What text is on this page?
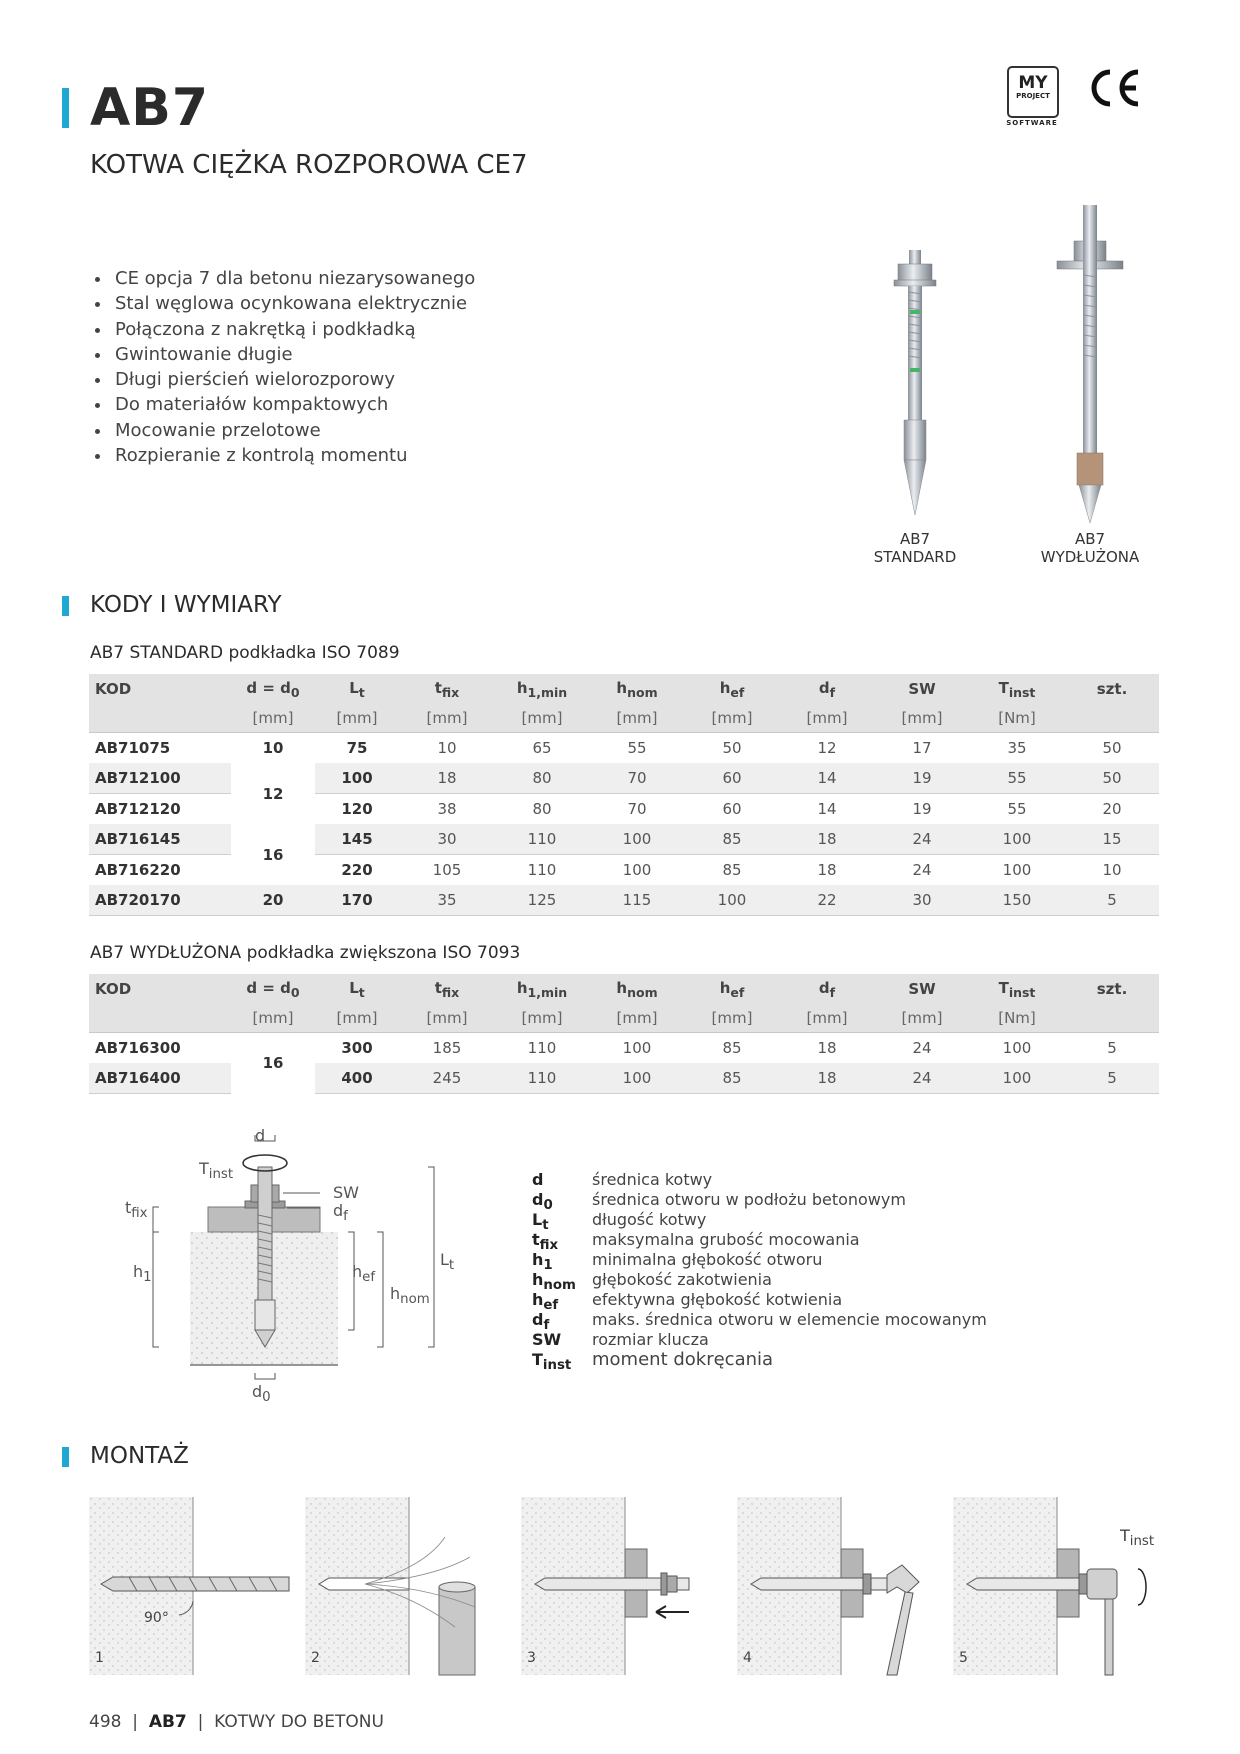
AB7
KOTWA CIĘŻKA ROZPOROWA CE7
MY
PROJECT
SOFTWARE
• CE opcja 7 dla betonu niezarysowanego
• Stal węglowa ocynkowana elektrycznie
• Połączona z nakrętką i podkładką
• Gwintowanie długie
• Długi pierścień wielorozporowy
• Do materiałów kompaktowych
• Mocowanie przelotowe
• Rozpieranie z kontrolą momentu
AB7
STANDARD
AB7
WYDŁUŻONA
KODY I WYMIARY
AB7 STANDARD podkładka ISO 7089
KOD	$d = d_0$	$L_t$	$t_{fix}$	$h_{1,min}$	$h_{nom}$	$h_{ef}$	$d_f$	SW	$T_{inst}$	szt.
	[mm]	[mm]	[mm]	[mm]	[mm]	[mm]	[mm]	[mm]	[Nm]	
AB71075	10	75	10	65	55	50	12	17	35	50
AB712100	12	100	18	80	70	60	14	19	55	50
AB712120		120	38	80	70	60	14	19	55	20
AB716145	16	145	30	110	100	85	18	24	100	15
AB716220		220	105	110	100	85	18	24	100	10
AB720170	20	170	35	125	115	100	22	30	150	5
AB7 WYDŁUŻONA podkładka zwiększona ISO 7093
KOD	$d = d_0$	$L_t$	$t_{fix}$	$h_{1,min}$	$h_{nom}$	$h_{ef}$	$d_f$	SW	$T_{inst}$	szt.
	[mm]	[mm]	[mm]	[mm]	[mm]	[mm]	[mm]	[mm]	[Nm]	
AB716300	16	300	185	110	100	85	18	24	100	5
AB716400		400	245	110	100	85	18	24	100	5
d
$T_{inst}$
SW
$d_f$
$t_{fix}$
$h_1$	$h_{ef}$
$h_{nom}$
$L_t$
$d_0$
d	średnica kotwy
$d_0$	średnica otworu w podłożu betonowym
$L_t$	długość kotwy
$t_{fix}$	maksymalna grubość mocowania
$h_1$	minimalna głębokość otworu
$h_{nom}$	głębokość zakotwienia
$h_{ef}$	efektywna głębokość kotwienia
$d_f$	maks. średnica otworu w elemencie mocowanym
SW	rozmiar klucza
$T_{inst}$	moment dokręcania
MONTAŻ
1	2	3	4	5
90°
$T_{inst}$
498  |  AB7  |  KOTWY DO BETONU
